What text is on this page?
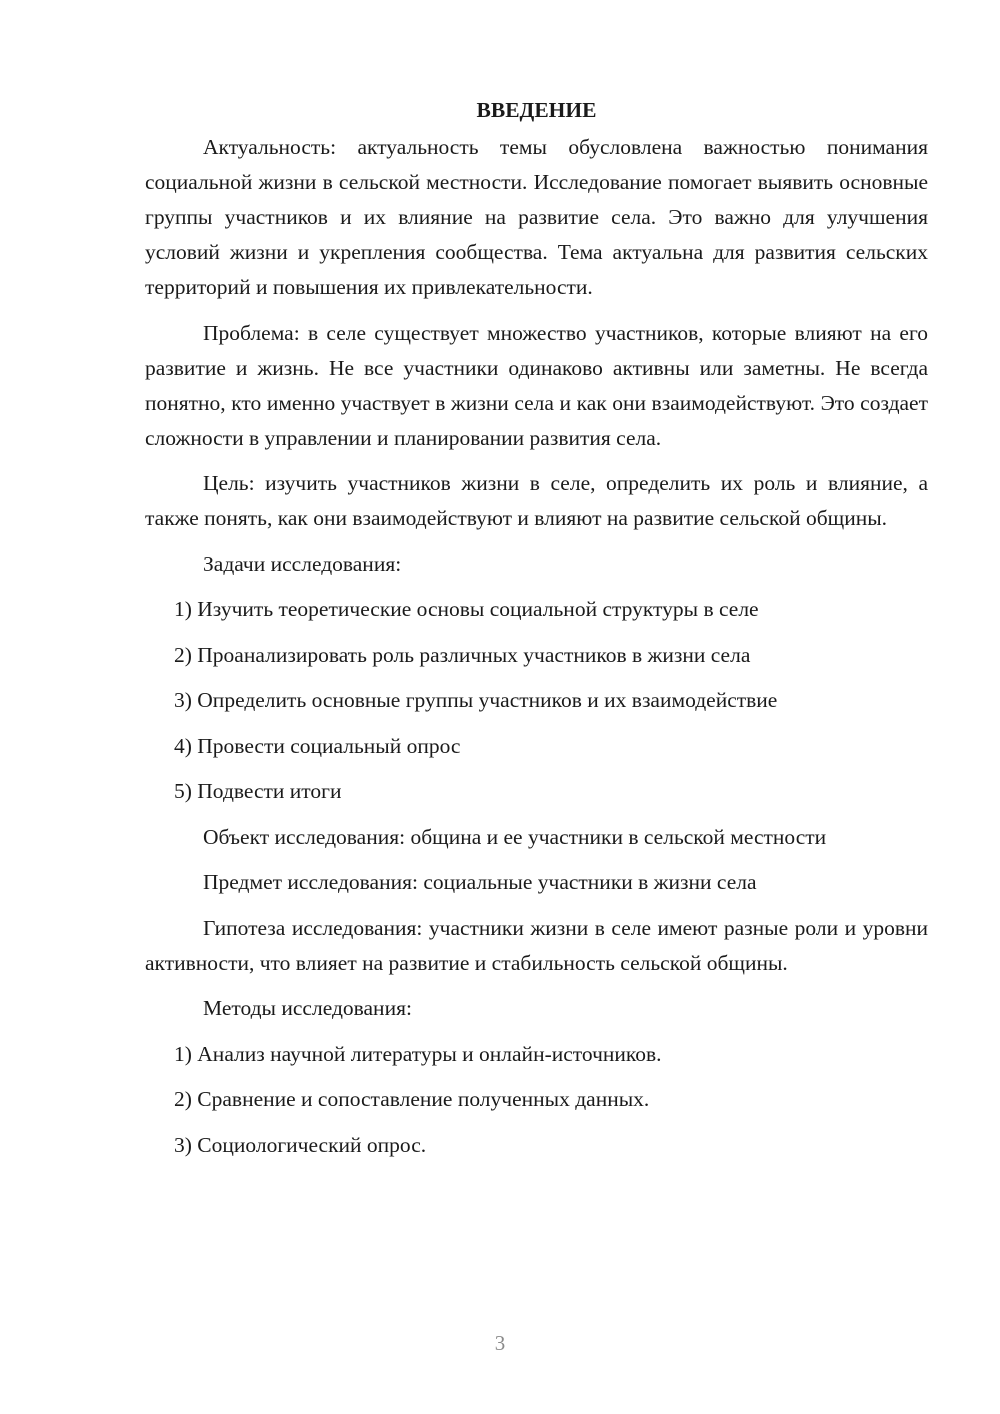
ВВЕДЕНИЕ

Актуальность: актуальность темы обусловлена важностью понимания социальной жизни в сельской местности. Исследование помогает выявить основные группы участников и их влияние на развитие села. Это важно для улучшения условий жизни и укрепления сообщества. Тема актуальна для развития сельских территорий и повышения их привлекательности.

Проблема: в селе существует множество участников, которые влияют на его развитие и жизнь. Не все участники одинаково активны или заметны. Не всегда понятно, кто именно участвует в жизни села и как они взаимодействуют. Это создает сложности в управлении и планировании развития села.

Цель: изучить участников жизни в селе, определить их роль и влияние, а также понять, как они взаимодействуют и влияют на развитие сельской общины.

Задачи исследования:

1) Изучить теоретические основы социальной структуры в селе

2) Проанализировать роль различных участников в жизни села

3) Определить основные группы участников и их взаимодействие

4) Провести социальный опрос

5) Подвести итоги

Объект исследования: община и ее участники в сельской местности

Предмет исследования: социальные участники в жизни села

Гипотеза исследования: участники жизни в селе имеют разные роли и уровни активности, что влияет на развитие и стабильность сельской общины.

Методы исследования:

1) Анализ научной литературы и онлайн-источников.

2) Сравнение и сопоставление полученных данных.

3) Социологический опрос.

3
